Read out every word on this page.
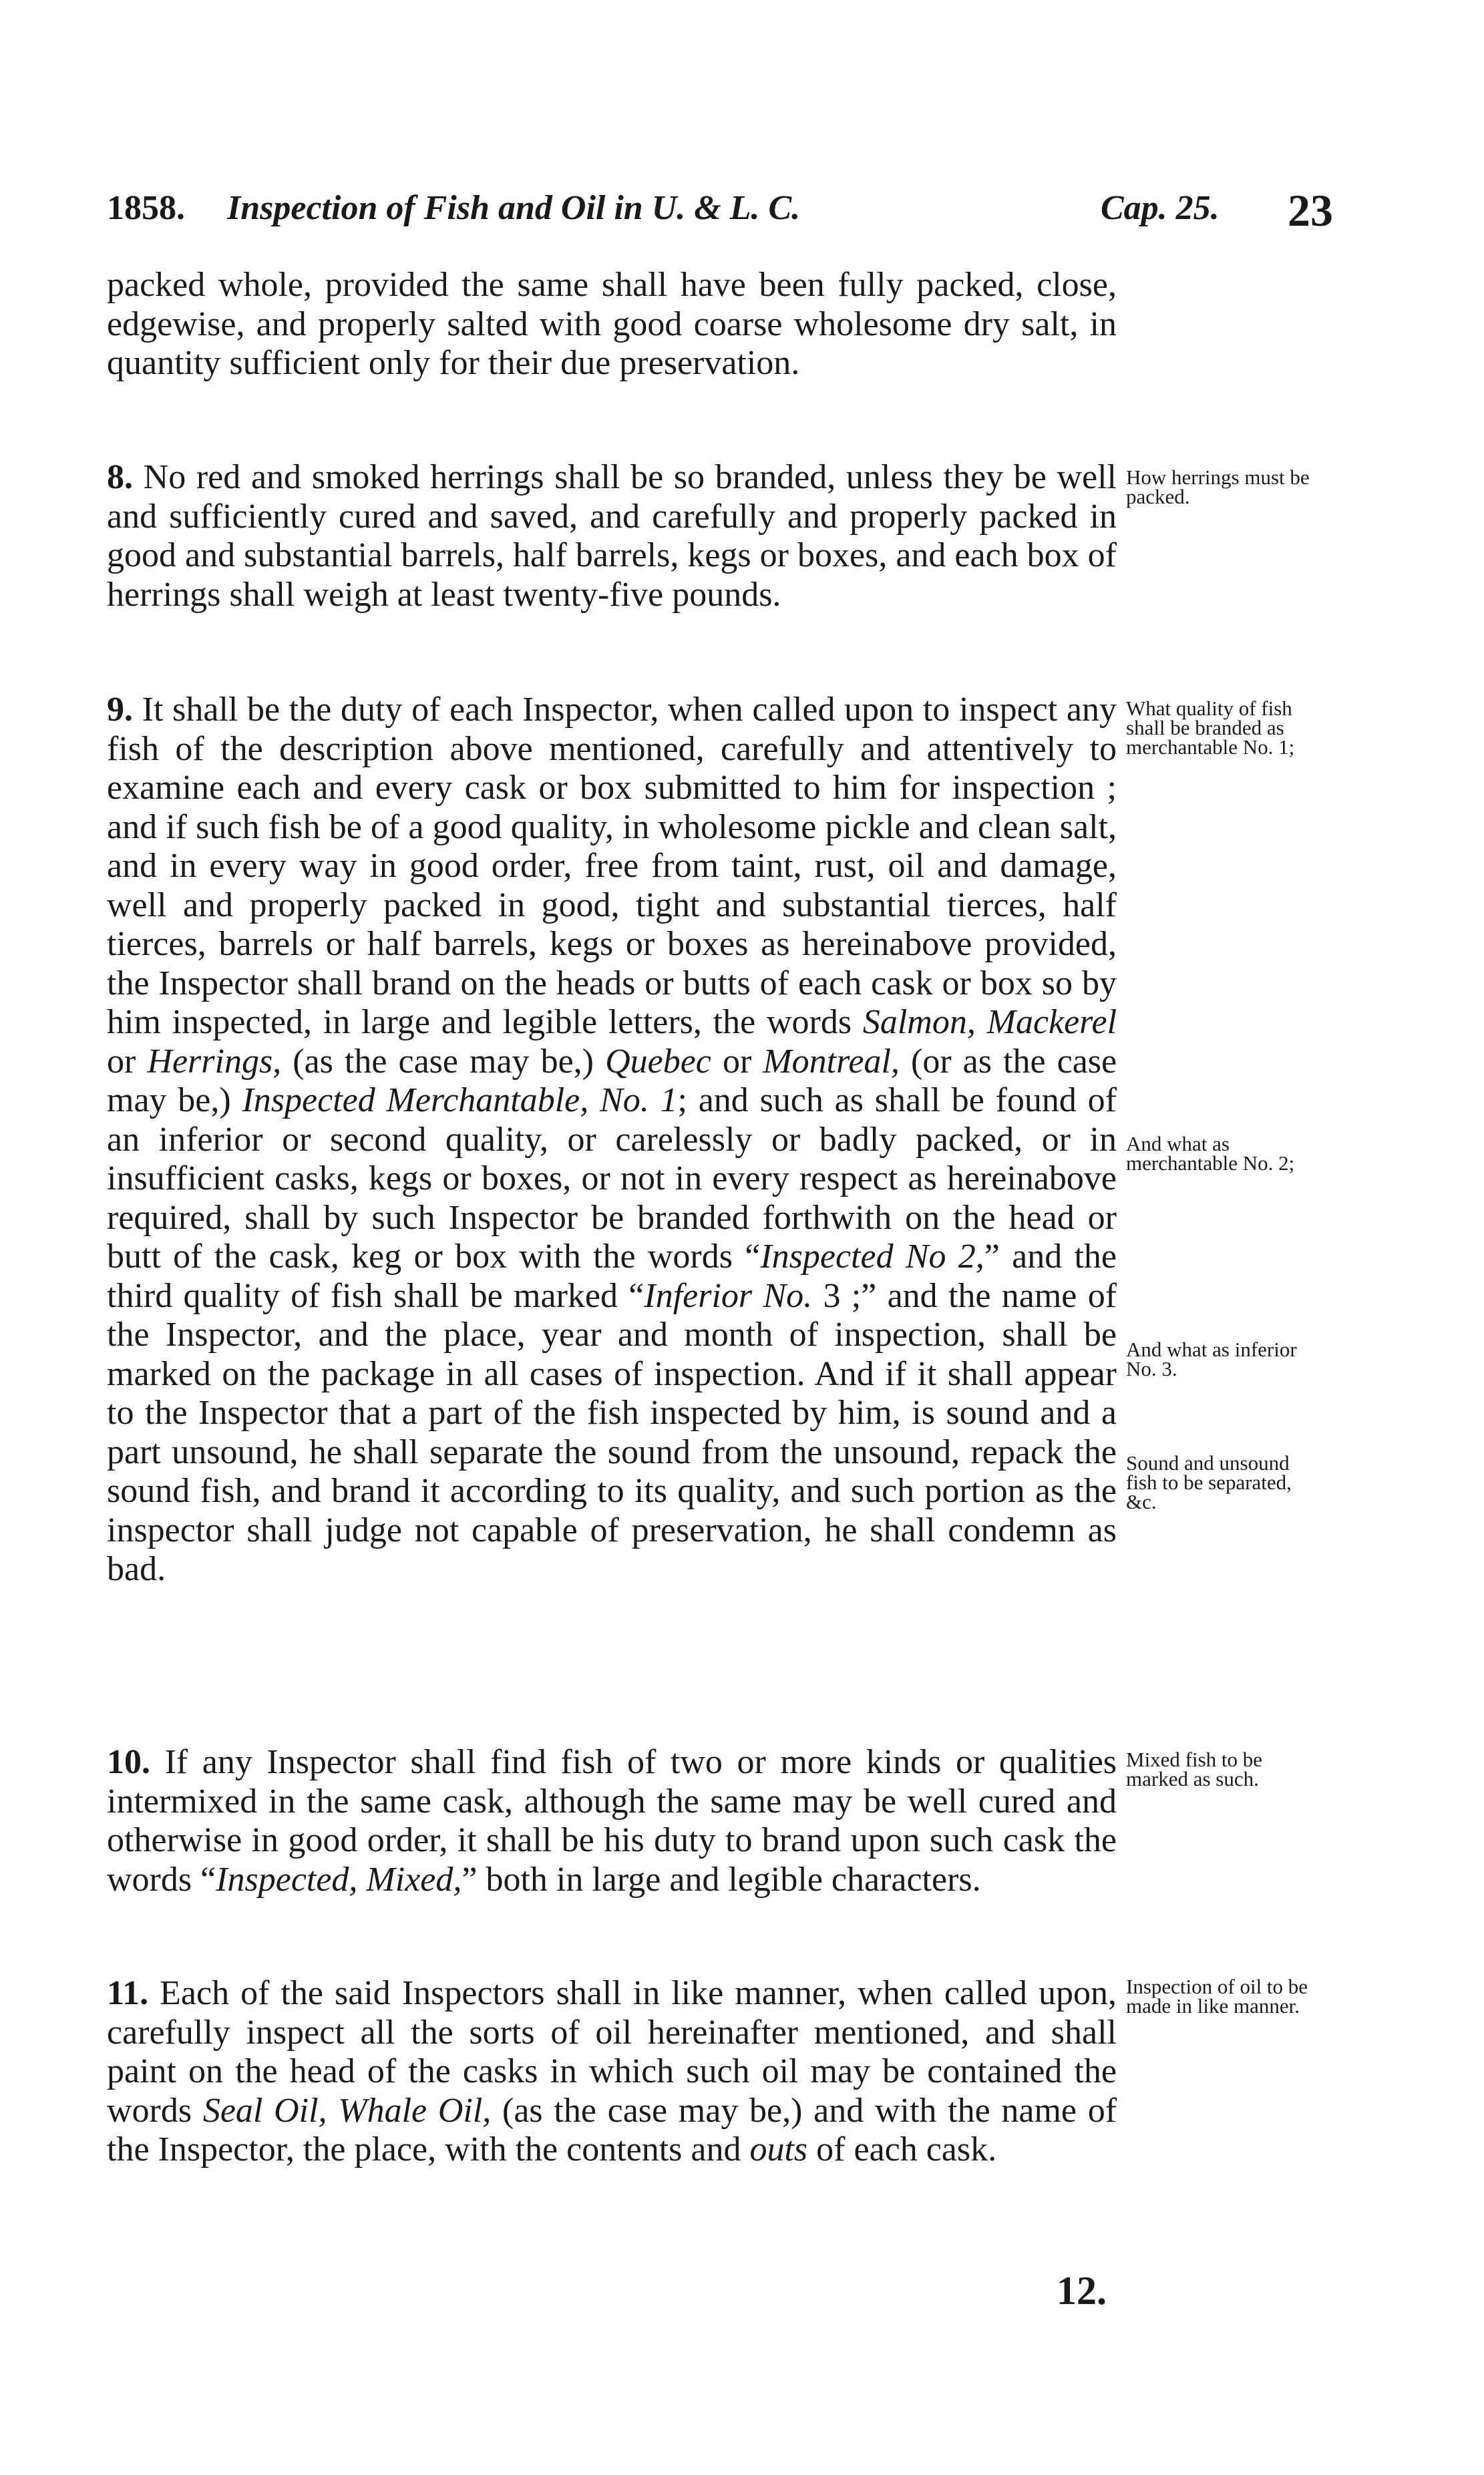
1858. Inspection of Fish and Oil in U. & L. C.	Cap. 25. 23
packed whole, provided the same shall have been fully packed, close, edgewise, and properly salted with good coarse wholesome dry salt, in quantity sufficient only for their due preservation.
8. No red and smoked herrings shall be so branded, unless they be well and sufficiently cured and saved, and carefully and properly packed in good and substantial barrels, half barrels, kegs or boxes, and each box of herrings shall weigh at least twenty-five pounds.
9. It shall be the duty of each Inspector, when called upon to inspect any fish of the description above mentioned, carefully and attentively to examine each and every cask or box submitted to him for inspection ; and if such fish be of a good quality, in wholesome pickle and clean salt, and in every way in good order, free from taint, rust, oil and damage, well and properly packed in good, tight and substantial tierces, half tierces, barrels or half barrels, kegs or boxes as hereinabove provided, the Inspector shall brand on the heads or butts of each cask or box so by him inspected, in large and legible letters, the words Salmon, Mackerel or Herrings, (as the case may be,) Quebec or Montreal, (or as the case may be,) Inspected Merchantable, No. 1; and such as shall be found of an inferior or second quality, or carelessly or badly packed, or in insufficient casks, kegs or boxes, or not in every respect as hereinabove required, shall by such Inspector be branded forthwith on the head or butt of the cask, keg or box with the words “Inspected No 2,” and the third quality of fish shall be marked “Inferior No. 3 ;” and the name of the Inspector, and the place, year and month of inspection, shall be marked on the package in all cases of inspection. And if it shall appear to the Inspector that a part of the fish inspected by him, is sound and a part unsound, he shall separate the sound from the unsound, repack the sound fish, and brand it according to its quality, and such portion as the inspector shall judge not capable of preservation, he shall condemn as bad.
10. If any Inspector shall find fish of two or more kinds or qualities intermixed in the same cask, although the same may be well cured and otherwise in good order, it shall be his duty to brand upon such cask the words “Inspected, Mixed,” both in large and legible characters.
11. Each of the said Inspectors shall in like manner, when called upon, carefully inspect all the sorts of oil hereinafter mentioned, and shall paint on the head of the casks in which such oil may be contained the words Seal Oil, Whale Oil, (as the case may be,) and with the name of the Inspector, the place, with the contents and outs of each cask.
How herrings must be packed.
What quality of fish shall be branded as merchantable No. 1;
And what as merchantable No. 2;
And what as inferior No. 3.
Sound and unsound fish to be separated, &c.
Mixed fish to be marked as such.
Inspection of oil to be made in like manner.
12.
